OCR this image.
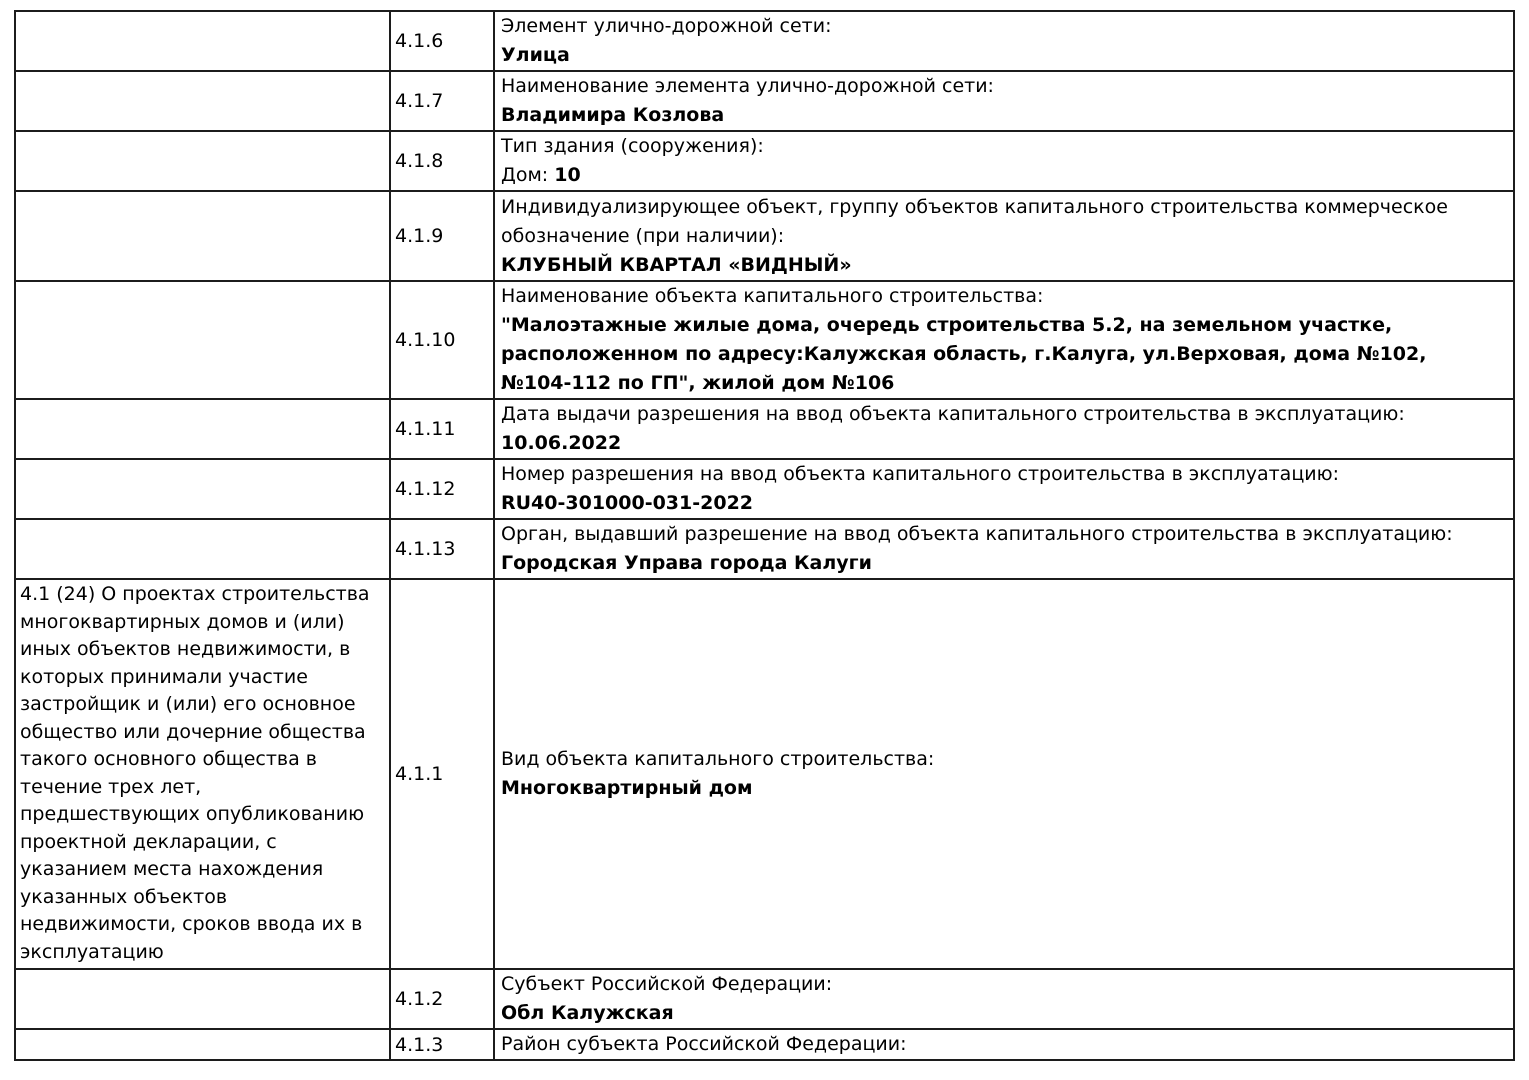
	4.1.6	Элемент улично-дорожной сети:
Улица

	4.1.7	Наименование элемента улично-дорожной сети:
Владимира Козлова

	4.1.8	Тип здания (сооружения):
Дом: 10

	4.1.9	Индивидуализирующее объект, группу объектов капитального строительства коммерческое обозначение (при наличии):
КЛУБНЫЙ КВАРТАЛ «ВИДНЫЙ»

	4.1.10	Наименование объекта капитального строительства:
"Малоэтажные жилые дома, очередь строительства 5.2, на земельном участке, расположенном по адресу:Калужская область, г.Калуга, ул.Верховая, дома №102, №104-112 по ГП", жилой дом №106

	4.1.11	Дата выдачи разрешения на ввод объекта капитального строительства в эксплуатацию:
10.06.2022

	4.1.12	Номер разрешения на ввод объекта капитального строительства в эксплуатацию:
RU40-301000-031-2022

	4.1.13	Орган, выдавший разрешение на ввод объекта капитального строительства в эксплуатацию:
Городская Управа города Калуги

4.1 (24) О проектах строительства многоквартирных домов и (или) иных объектов недвижимости, в которых принимали участие застройщик и (или) его основное общество или дочерние общества такого основного общества в течение трех лет, предшествующих опубликованию проектной декларации, с указанием места нахождения указанных объектов недвижимости, сроков ввода их в эксплуатацию	4.1.1	Вид объекта капитального строительства:
Многоквартирный дом

	4.1.2	Субъект Российской Федерации:
Обл Калужская

	4.1.3	Район субъекта Российской Федерации:
